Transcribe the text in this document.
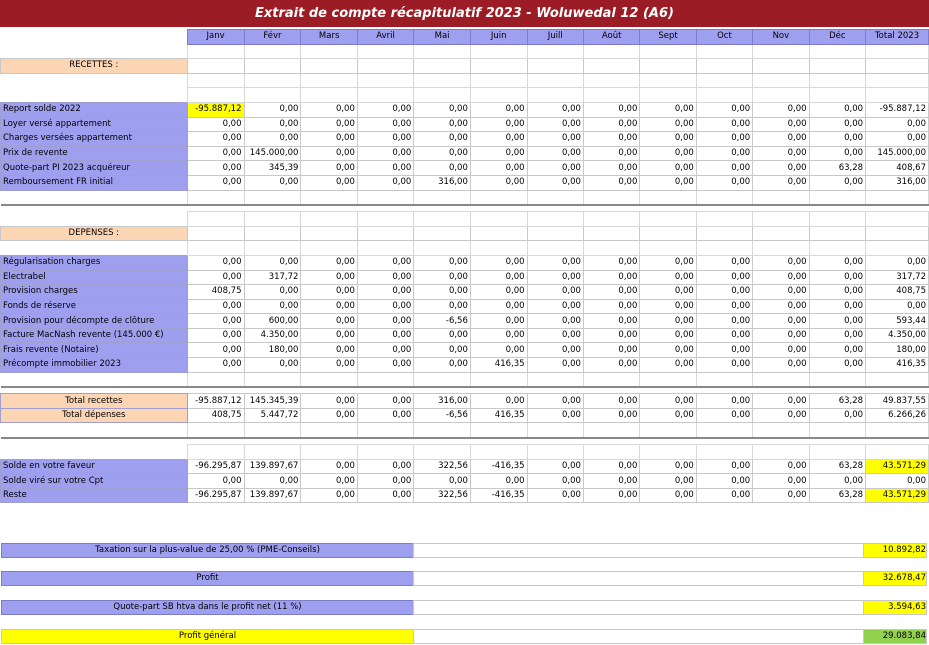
Extrait de compte récapitulatif 2023 - Woluwedal 12 (A6)
	Janv	Févr	Mars	Avril	Mai	Juin	Juill	Août	Sept	Oct	Nov	Déc	Total 2023

RECETTES :													

Report solde 2022	-95.887,12	0,00	0,00	0,00	0,00	0,00	0,00	0,00	0,00	0,00	0,00	0,00	-95.887,12
Loyer versé appartement	0,00	0,00	0,00	0,00	0,00	0,00	0,00	0,00	0,00	0,00	0,00	0,00	0,00
Charges versées appartement	0,00	0,00	0,00	0,00	0,00	0,00	0,00	0,00	0,00	0,00	0,00	0,00	0,00
Prix de revente	0,00	145.000,00	0,00	0,00	0,00	0,00	0,00	0,00	0,00	0,00	0,00	0,00	145.000,00
Quote-part PI 2023 acquéreur	0,00	345,39	0,00	0,00	0,00	0,00	0,00	0,00	0,00	0,00	0,00	63,28	408,67
Remboursement FR initial	0,00	0,00	0,00	0,00	316,00	0,00	0,00	0,00	0,00	0,00	0,00	0,00	316,00

DEPENSES :													

Régularisation charges	0,00	0,00	0,00	0,00	0,00	0,00	0,00	0,00	0,00	0,00	0,00	0,00	0,00
Electrabel	0,00	317,72	0,00	0,00	0,00	0,00	0,00	0,00	0,00	0,00	0,00	0,00	317,72
Provision charges	408,75	0,00	0,00	0,00	0,00	0,00	0,00	0,00	0,00	0,00	0,00	0,00	408,75
Fonds de réserve	0,00	0,00	0,00	0,00	0,00	0,00	0,00	0,00	0,00	0,00	0,00	0,00	0,00
Provision pour décompte de clôture	0,00	600,00	0,00	0,00	-6,56	0,00	0,00	0,00	0,00	0,00	0,00	0,00	593,44
Facture MacNash revente (145.000 €)	0,00	4.350,00	0,00	0,00	0,00	0,00	0,00	0,00	0,00	0,00	0,00	0,00	4.350,00
Frais revente (Notaire)	0,00	180,00	0,00	0,00	0,00	0,00	0,00	0,00	0,00	0,00	0,00	0,00	180,00
Précompte immobilier 2023	0,00	0,00	0,00	0,00	0,00	416,35	0,00	0,00	0,00	0,00	0,00	0,00	416,35

Total recettes	-95.887,12	145.345,39	0,00	0,00	316,00	0,00	0,00	0,00	0,00	0,00	0,00	63,28	49.837,55
Total dépenses	408,75	5.447,72	0,00	0,00	-6,56	416,35	0,00	0,00	0,00	0,00	0,00	0,00	6.266,26

Solde en votre faveur	-96.295,87	139.897,67	0,00	0,00	322,56	-416,35	0,00	0,00	0,00	0,00	0,00	63,28	43.571,29
Solde viré sur votre Cpt	0,00	0,00	0,00	0,00	0,00	0,00	0,00	0,00	0,00	0,00	0,00	0,00	0,00
Reste	-96.295,87	139.897,67	0,00	0,00	322,56	-416,35	0,00	0,00	0,00	0,00	0,00	63,28	43.571,29
Taxation sur la plus-value de 25,00 % (PME-Conseils)	10.892,82
Profit	32.678,47
Quote-part SB htva dans le profit net (11 %)	3.594,63
Profit général	29.083,84
